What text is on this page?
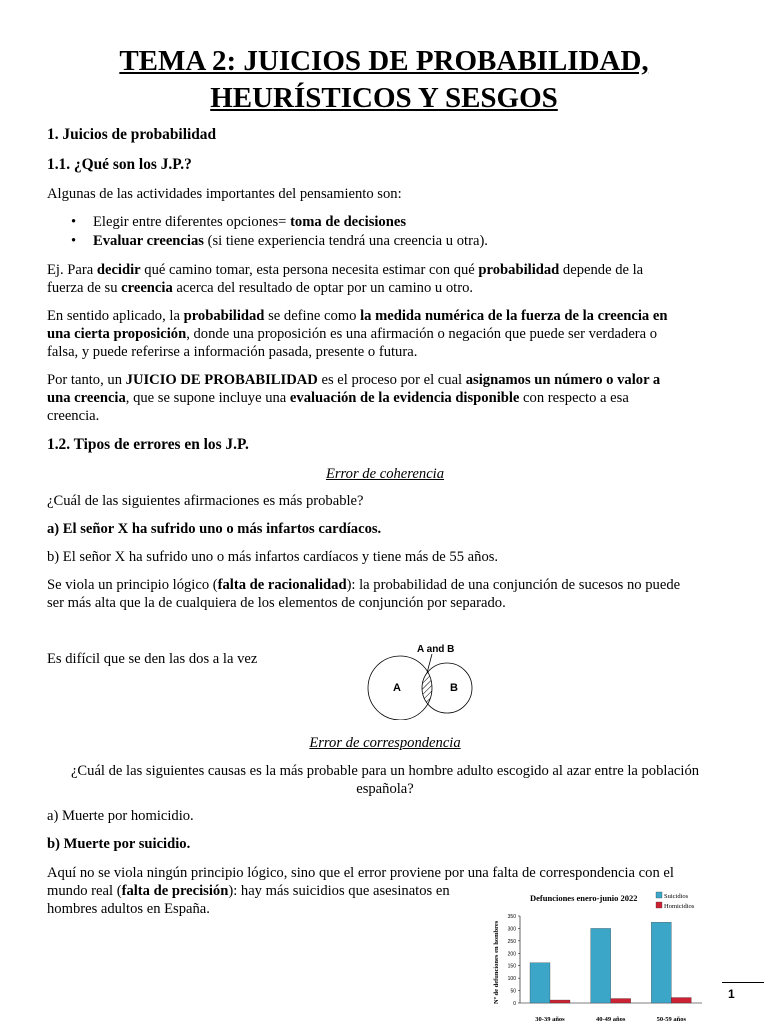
TEMA 2: JUICIOS DE PROBABILIDAD,
HEURÍSTICOS Y SESGOS
1. Juicios de probabilidad
1.1. ¿Qué son los J.P.?
Algunas de las actividades importantes del pensamiento son:
Elegir entre diferentes opciones= toma de decisiones
Evaluar creencias (si tiene experiencia tendrá una creencia u otra).
Ej. Para decidir qué camino tomar, esta persona necesita estimar con qué probabilidad depende de la
fuerza de su creencia acerca del resultado de optar por un camino u otro.
En sentido aplicado, la probabilidad se define como la medida numérica de la fuerza de la creencia en
una cierta proposición, donde una proposición es una afirmación o negación que puede ser verdadera o
falsa, y puede referirse a información pasada, presente o futura.
Por tanto, un JUICIO DE PROBABILIDAD es el proceso por el cual asignamos un número o valor a
una creencia, que se supone incluye una evaluación de la evidencia disponible con respecto a esa
creencia.
1.2. Tipos de errores en los J.P.
Error de coherencia
¿Cuál de las siguientes afirmaciones es más probable?
a) El señor X ha sufrido uno o más infartos cardíacos.
b) El señor X ha sufrido uno o más infartos cardíacos y tiene más de 55 años.
Se viola un principio lógico (falta de racionalidad): la probabilidad de una conjunción de sucesos no puede
ser más alta que la de cualquiera de los elementos de conjunción por separado.
Es difícil que se den las dos a la vez
A and B
A	B
Error de correspondencia
¿Cuál de las siguientes causas es la más probable para un hombre adulto escogido al azar entre la población
española?
a) Muerte por homicidio.
b) Muerte por suicidio.
Aquí no se viola ningún principio lógico, sino que el error proviene por una falta de correspondencia con el
mundo real (falta de precisión): hay más suicidios que asesinatos en
hombres adultos en España.
Defunciones enero-junio 2022
Nº de defunciones en hombres	0
50
100
150
200
250
300
350
30-39 años	40-49 años	50-59 años
Suicidios
Homicidios
1
